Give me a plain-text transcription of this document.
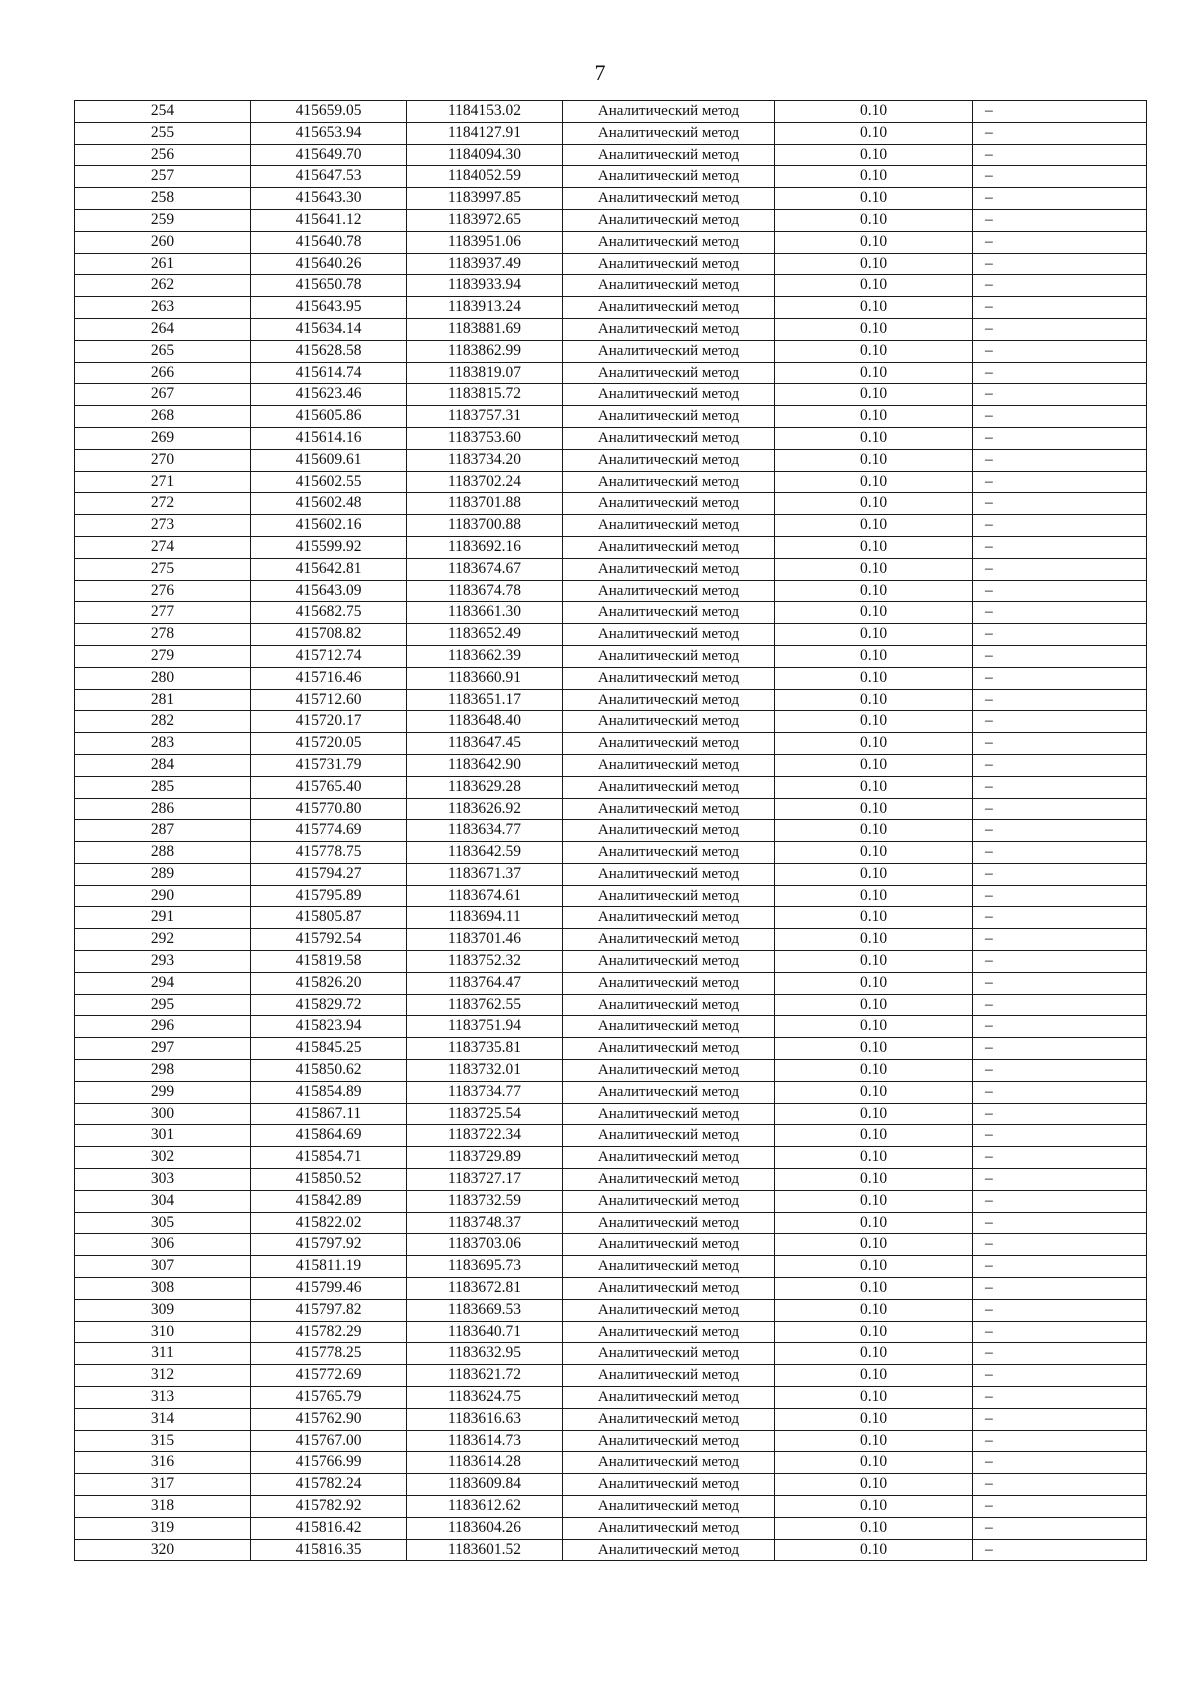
7
254	415659.05	1184153.02	Аналитический метод	0.10	–
255	415653.94	1184127.91	Аналитический метод	0.10	–
256	415649.70	1184094.30	Аналитический метод	0.10	–
257	415647.53	1184052.59	Аналитический метод	0.10	–
258	415643.30	1183997.85	Аналитический метод	0.10	–
259	415641.12	1183972.65	Аналитический метод	0.10	–
260	415640.78	1183951.06	Аналитический метод	0.10	–
261	415640.26	1183937.49	Аналитический метод	0.10	–
262	415650.78	1183933.94	Аналитический метод	0.10	–
263	415643.95	1183913.24	Аналитический метод	0.10	–
264	415634.14	1183881.69	Аналитический метод	0.10	–
265	415628.58	1183862.99	Аналитический метод	0.10	–
266	415614.74	1183819.07	Аналитический метод	0.10	–
267	415623.46	1183815.72	Аналитический метод	0.10	–
268	415605.86	1183757.31	Аналитический метод	0.10	–
269	415614.16	1183753.60	Аналитический метод	0.10	–
270	415609.61	1183734.20	Аналитический метод	0.10	–
271	415602.55	1183702.24	Аналитический метод	0.10	–
272	415602.48	1183701.88	Аналитический метод	0.10	–
273	415602.16	1183700.88	Аналитический метод	0.10	–
274	415599.92	1183692.16	Аналитический метод	0.10	–
275	415642.81	1183674.67	Аналитический метод	0.10	–
276	415643.09	1183674.78	Аналитический метод	0.10	–
277	415682.75	1183661.30	Аналитический метод	0.10	–
278	415708.82	1183652.49	Аналитический метод	0.10	–
279	415712.74	1183662.39	Аналитический метод	0.10	–
280	415716.46	1183660.91	Аналитический метод	0.10	–
281	415712.60	1183651.17	Аналитический метод	0.10	–
282	415720.17	1183648.40	Аналитический метод	0.10	–
283	415720.05	1183647.45	Аналитический метод	0.10	–
284	415731.79	1183642.90	Аналитический метод	0.10	–
285	415765.40	1183629.28	Аналитический метод	0.10	–
286	415770.80	1183626.92	Аналитический метод	0.10	–
287	415774.69	1183634.77	Аналитический метод	0.10	–
288	415778.75	1183642.59	Аналитический метод	0.10	–
289	415794.27	1183671.37	Аналитический метод	0.10	–
290	415795.89	1183674.61	Аналитический метод	0.10	–
291	415805.87	1183694.11	Аналитический метод	0.10	–
292	415792.54	1183701.46	Аналитический метод	0.10	–
293	415819.58	1183752.32	Аналитический метод	0.10	–
294	415826.20	1183764.47	Аналитический метод	0.10	–
295	415829.72	1183762.55	Аналитический метод	0.10	–
296	415823.94	1183751.94	Аналитический метод	0.10	–
297	415845.25	1183735.81	Аналитический метод	0.10	–
298	415850.62	1183732.01	Аналитический метод	0.10	–
299	415854.89	1183734.77	Аналитический метод	0.10	–
300	415867.11	1183725.54	Аналитический метод	0.10	–
301	415864.69	1183722.34	Аналитический метод	0.10	–
302	415854.71	1183729.89	Аналитический метод	0.10	–
303	415850.52	1183727.17	Аналитический метод	0.10	–
304	415842.89	1183732.59	Аналитический метод	0.10	–
305	415822.02	1183748.37	Аналитический метод	0.10	–
306	415797.92	1183703.06	Аналитический метод	0.10	–
307	415811.19	1183695.73	Аналитический метод	0.10	–
308	415799.46	1183672.81	Аналитический метод	0.10	–
309	415797.82	1183669.53	Аналитический метод	0.10	–
310	415782.29	1183640.71	Аналитический метод	0.10	–
311	415778.25	1183632.95	Аналитический метод	0.10	–
312	415772.69	1183621.72	Аналитический метод	0.10	–
313	415765.79	1183624.75	Аналитический метод	0.10	–
314	415762.90	1183616.63	Аналитический метод	0.10	–
315	415767.00	1183614.73	Аналитический метод	0.10	–
316	415766.99	1183614.28	Аналитический метод	0.10	–
317	415782.24	1183609.84	Аналитический метод	0.10	–
318	415782.92	1183612.62	Аналитический метод	0.10	–
319	415816.42	1183604.26	Аналитический метод	0.10	–
320	415816.35	1183601.52	Аналитический метод	0.10	–
